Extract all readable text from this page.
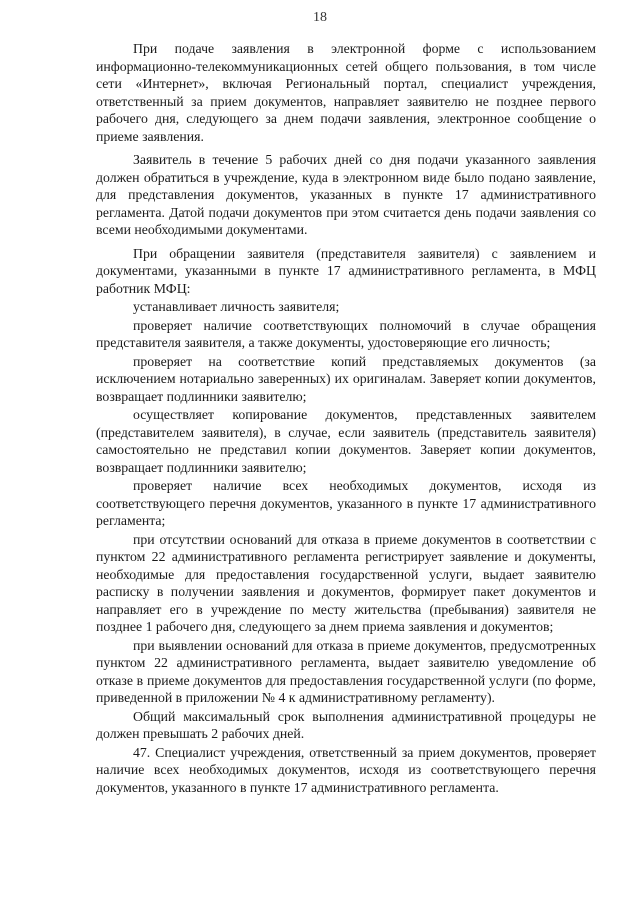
18

При подаче заявления в электронной форме с использованием информационно-телекоммуникационных сетей общего пользования, в том числе сети «Интернет», включая Региональный портал, специалист учреждения, ответственный за прием документов, направляет заявителю не позднее первого рабочего дня, следующего за днем подачи заявления, электронное сообщение о приеме заявления.

Заявитель в течение 5 рабочих дней со дня подачи указанного заявления должен обратиться в учреждение, куда в электронном виде было подано заявление, для представления документов, указанных в пункте 17 административного регламента. Датой подачи документов при этом считается день подачи заявления со всеми необходимыми документами.

При обращении заявителя (представителя заявителя) с заявлением и документами, указанными в пункте 17 административного регламента, в МФЦ работник МФЦ:

устанавливает личность заявителя;

проверяет наличие соответствующих полномочий в случае обращения представителя заявителя, а также документы, удостоверяющие его личность;

проверяет на соответствие копий представляемых документов (за исключением нотариально заверенных) их оригиналам. Заверяет копии документов, возвращает подлинники заявителю;

осуществляет копирование документов, представленных заявителем (представителем заявителя), в случае, если заявитель (представитель заявителя) самостоятельно не представил копии документов. Заверяет копии документов, возвращает подлинники заявителю;

проверяет наличие всех необходимых документов, исходя из соответствующего перечня документов, указанного в пункте 17 административного регламента;

при отсутствии оснований для отказа в приеме документов в соответствии с пунктом 22 административного регламента регистрирует заявление и документы, необходимые для предоставления государственной услуги, выдает заявителю расписку в получении заявления и документов, формирует пакет документов и направляет его в учреждение по месту жительства (пребывания) заявителя не позднее 1 рабочего дня, следующего за днем приема заявления и документов;

при выявлении оснований для отказа в приеме документов, предусмотренных пунктом 22 административного регламента, выдает заявителю уведомление об отказе в приеме документов для предоставления государственной услуги (по форме, приведенной в приложении № 4 к административному регламенту).

Общий максимальный срок выполнения административной процедуры не должен превышать 2 рабочих дней.

47. Специалист учреждения, ответственный за прием документов, проверяет наличие всех необходимых документов, исходя из соответствующего перечня документов, указанного в пункте 17 административного регламента.
